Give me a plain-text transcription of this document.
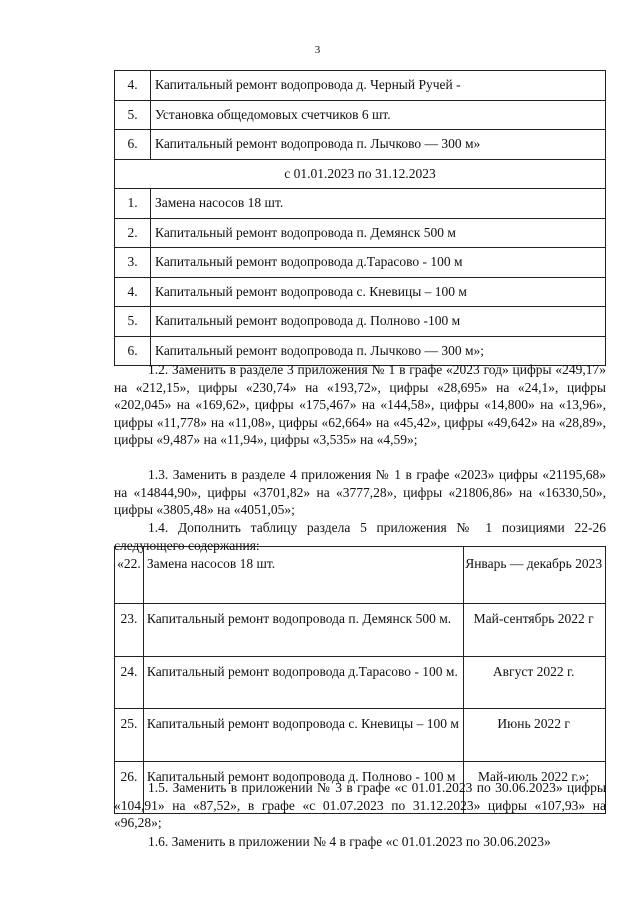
3
4.	Капитальный ремонт водопровода д. Черный Ручей -
5.	Установка общедомовых счетчиков 6 шт.
6.	Капитальный ремонт водопровода п. Лычково — 300 м»
с 01.01.2023 по 31.12.2023	
1.	Замена насосов 18 шт.
2.	Капитальный ремонт водопровода п. Демянск 500 м
3.	Капитальный ремонт водопровода д.Тарасово - 100 м
4.	Капитальный ремонт водопровода с. Кневицы – 100 м
5.	Капитальный ремонт водопровода д. Полново -100 м
6.	Капитальный ремонт водопровода п. Лычково — 300 м»;

1.2. Заменить в разделе 3 приложения № 1 в графе «2023 год» цифры «249,17» на «212,15», цифры «230,74» на «193,72», цифры «28,695» на «24,1», цифры «202,045» на «169,62», цифры «175,467» на «144,58», цифры «14,800» на «13,96», цифры «11,778» на «11,08», цифры «62,664» на «45,42», цифры «49,642» на «28,89», цифры «9,487» на «11,94», цифры «3,535» на «4,59»;

1.3. Заменить в разделе 4 приложения № 1 в графе «2023» цифры «21195,68» на «14844,90», цифры «3701,82» на «3777,28», цифры «21806,86» на «16330,50», цифры «3805,48» на «4051,05»;

1.4. Дополнить таблицу раздела 5 приложения № 1 позициями 22-26 следующего содержания:

«22.	Замена насосов 18 шт.	Январь — декабрь 2023
23.	Капитальный ремонт водопровода п. Демянск 500 м.	Май-сентябрь 2022 г
24.	Капитальный ремонт водопровода д.Тарасово - 100 м.	Август 2022 г.
25.	Капитальный ремонт водопровода с. Кневицы – 100 м	Июнь 2022 г
26.	Капитальный ремонт водопровода д. Полново - 100 м	Май-июль 2022 г.»;

1.5. Заменить в приложении № 3 в графе «с 01.01.2023 по 30.06.2023» цифры «104,91» на «87,52», в графе «с 01.07.2023 по 31.12.2023» цифры «107,93» на «96,28»;

1.6. Заменить в приложении № 4 в графе «с 01.01.2023 по 30.06.2023»
